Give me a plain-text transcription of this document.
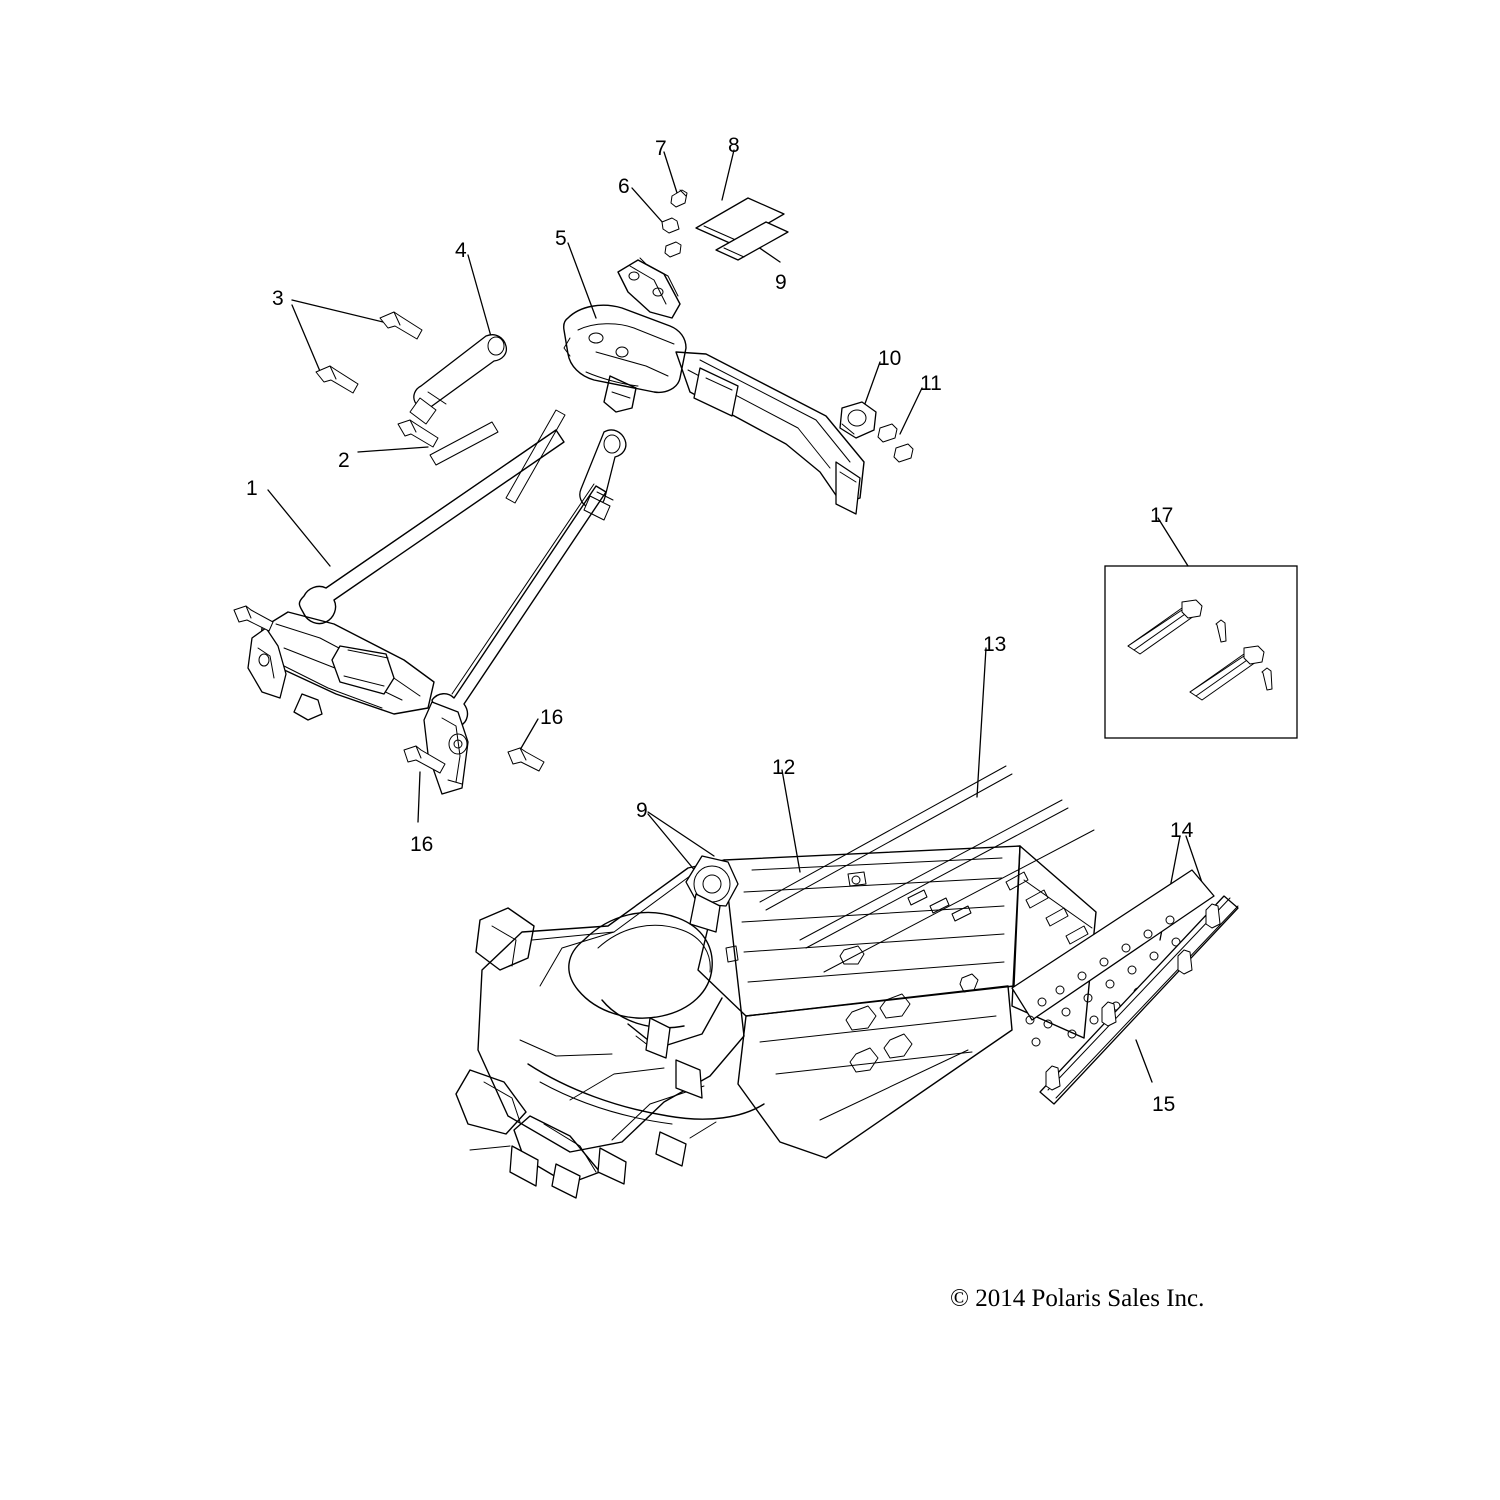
1
2
3
4
5
6
7	8
9
10
11
12
13
14
15
16
16
17
9
© 2014 Polaris Sales Inc.
